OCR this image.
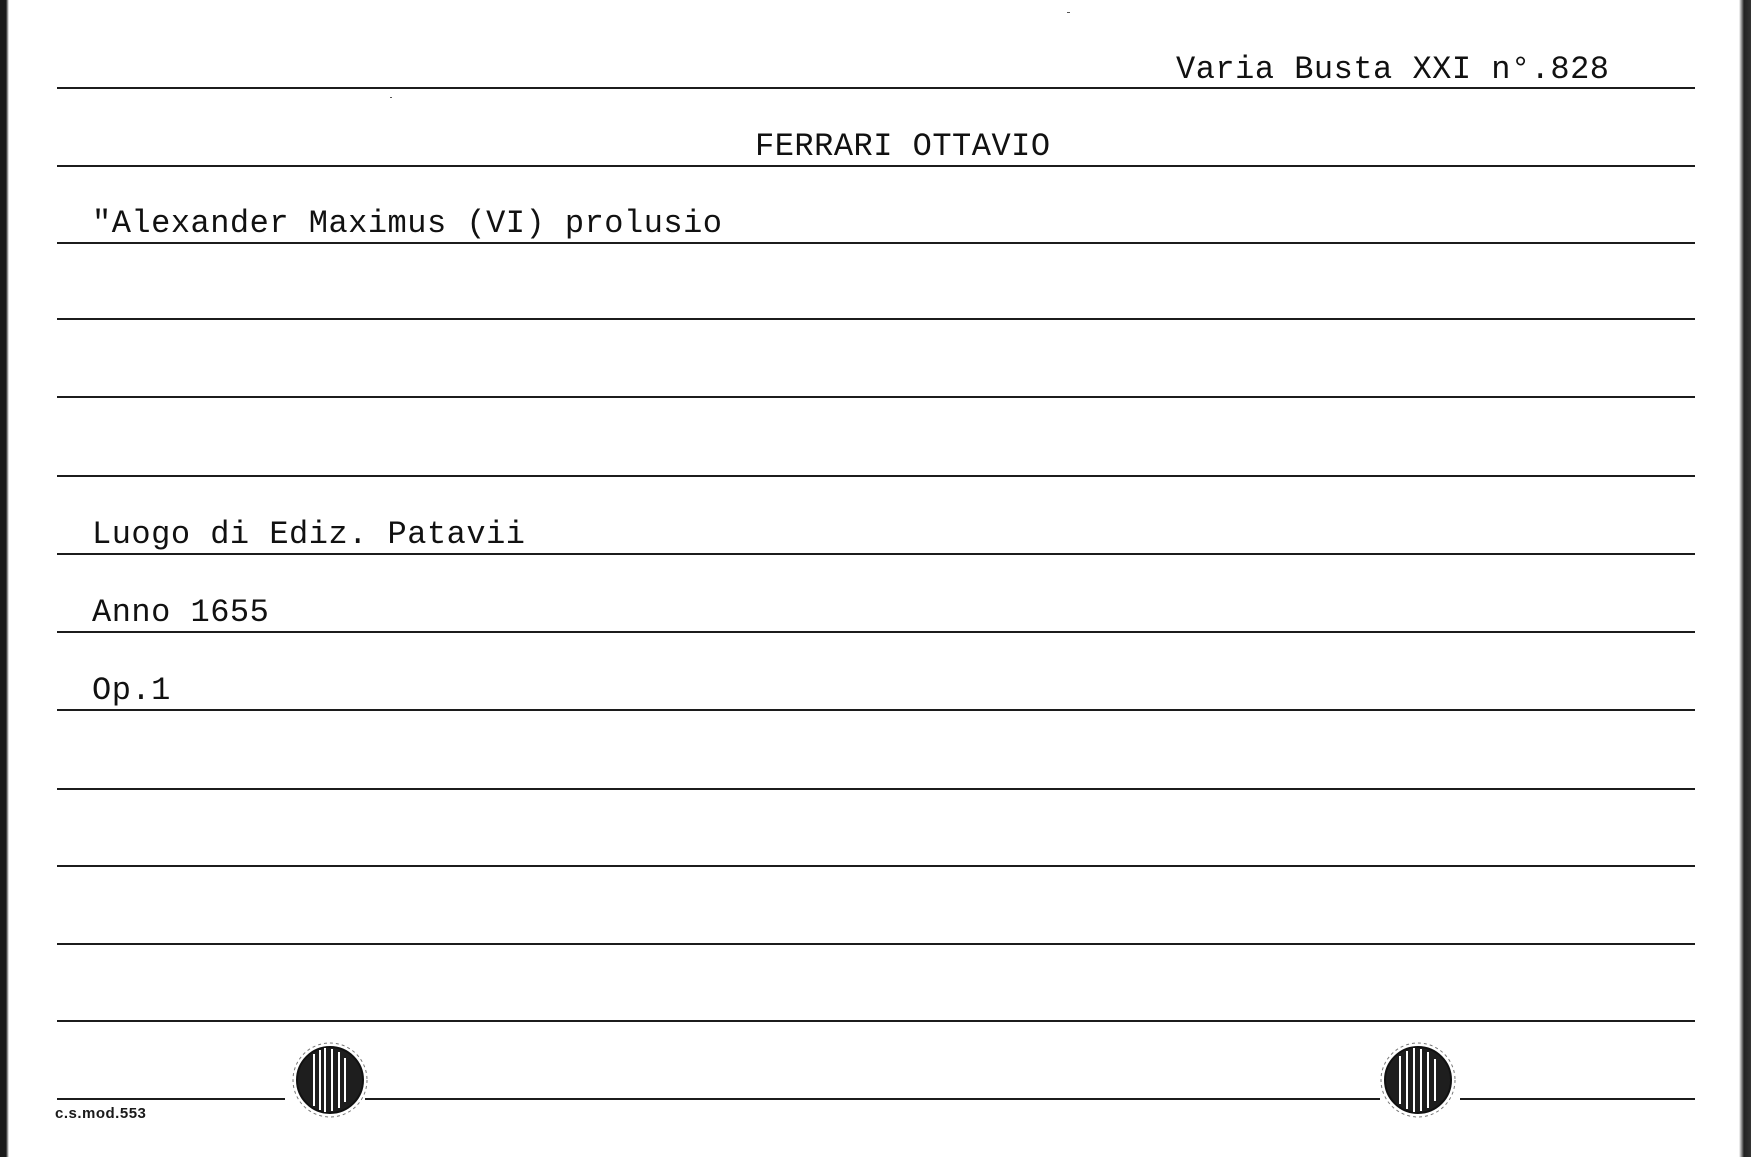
Varia Busta XXI n°.828
FERRARI OTTAVIO
"Alexander Maximus (VI) prolusio
Luogo di Ediz. Patavii
Anno 1655
Op.1
c.s.mod.553
